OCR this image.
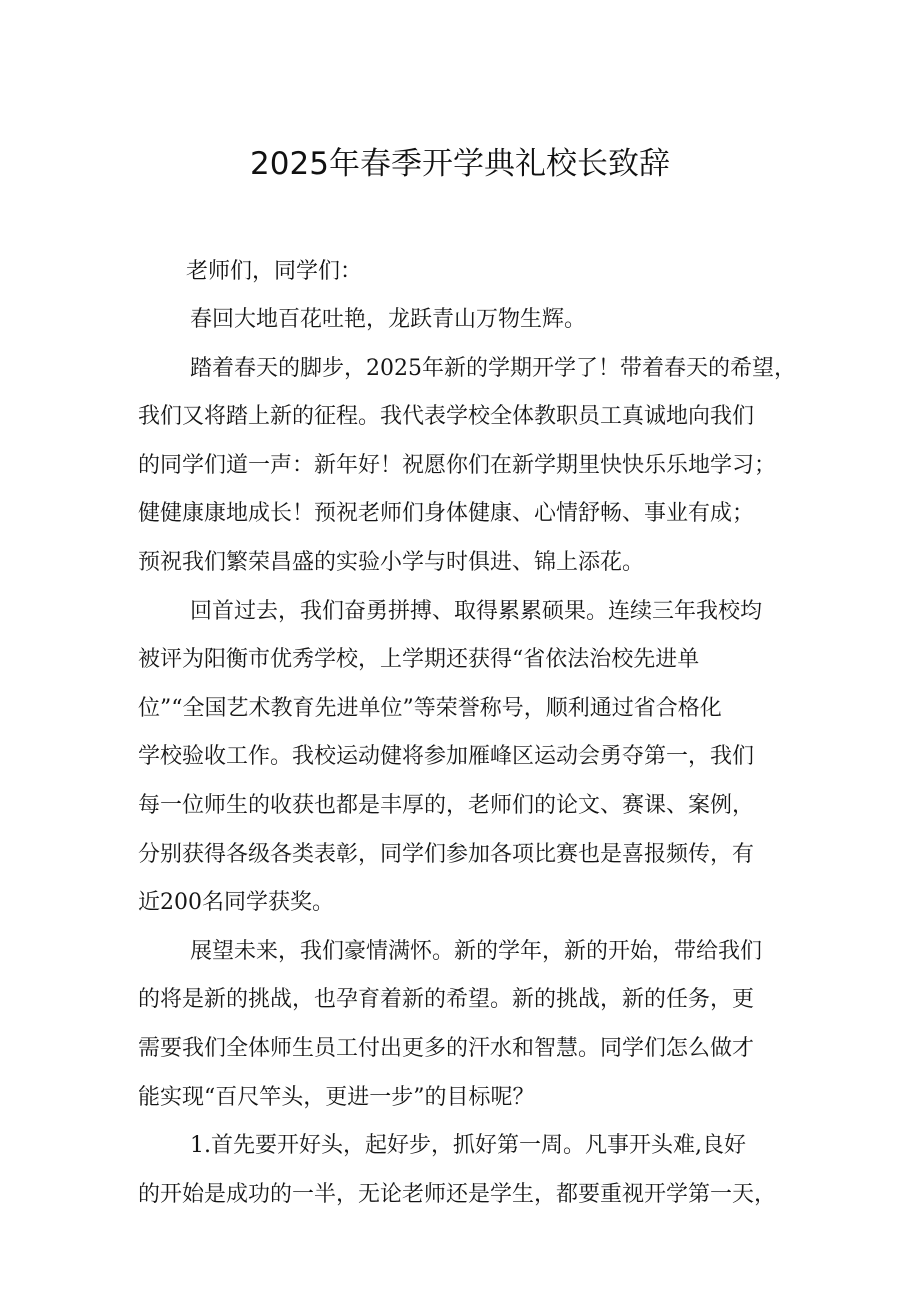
2025年春季开学典礼校长致辞
老师们，同学们：
春回大地百花吐艳，龙跃青山万物生辉。
踏着春天的脚步，2025年新的学期开学了！带着春天的希望，
我们又将踏上新的征程。我代表学校全体教职员工真诚地向我们
的同学们道一声：新年好！祝愿你们在新学期里快快乐乐地学习；
健健康康地成长！预祝老师们身体健康、心情舒畅、事业有成；
预祝我们繁荣昌盛的实验小学与时俱进、锦上添花。
回首过去，我们奋勇拼搏、取得累累硕果。连续三年我校均
被评为阳衡市优秀学校，上学期还获得“省依法治校先进单
位”“全国艺术教育先进单位”等荣誉称号，顺利通过省合格化
学校验收工作。我校运动健将参加雁峰区运动会勇夺第一，我们
每一位师生的收获也都是丰厚的，老师们的论文、赛课、案例，
分别获得各级各类表彰，同学们参加各项比赛也是喜报频传，有
近200名同学获奖。
展望未来，我们豪情满怀。新的学年，新的开始，带给我们
的将是新的挑战，也孕育着新的希望。新的挑战，新的任务，更
需要我们全体师生员工付出更多的汗水和智慧。同学们怎么做才
能实现“百尺竿头，更进一步”的目标呢？
1.首先要开好头，起好步，抓好第一周。凡事开头难,良好
的开始是成功的一半，无论老师还是学生，都要重视开学第一天，
